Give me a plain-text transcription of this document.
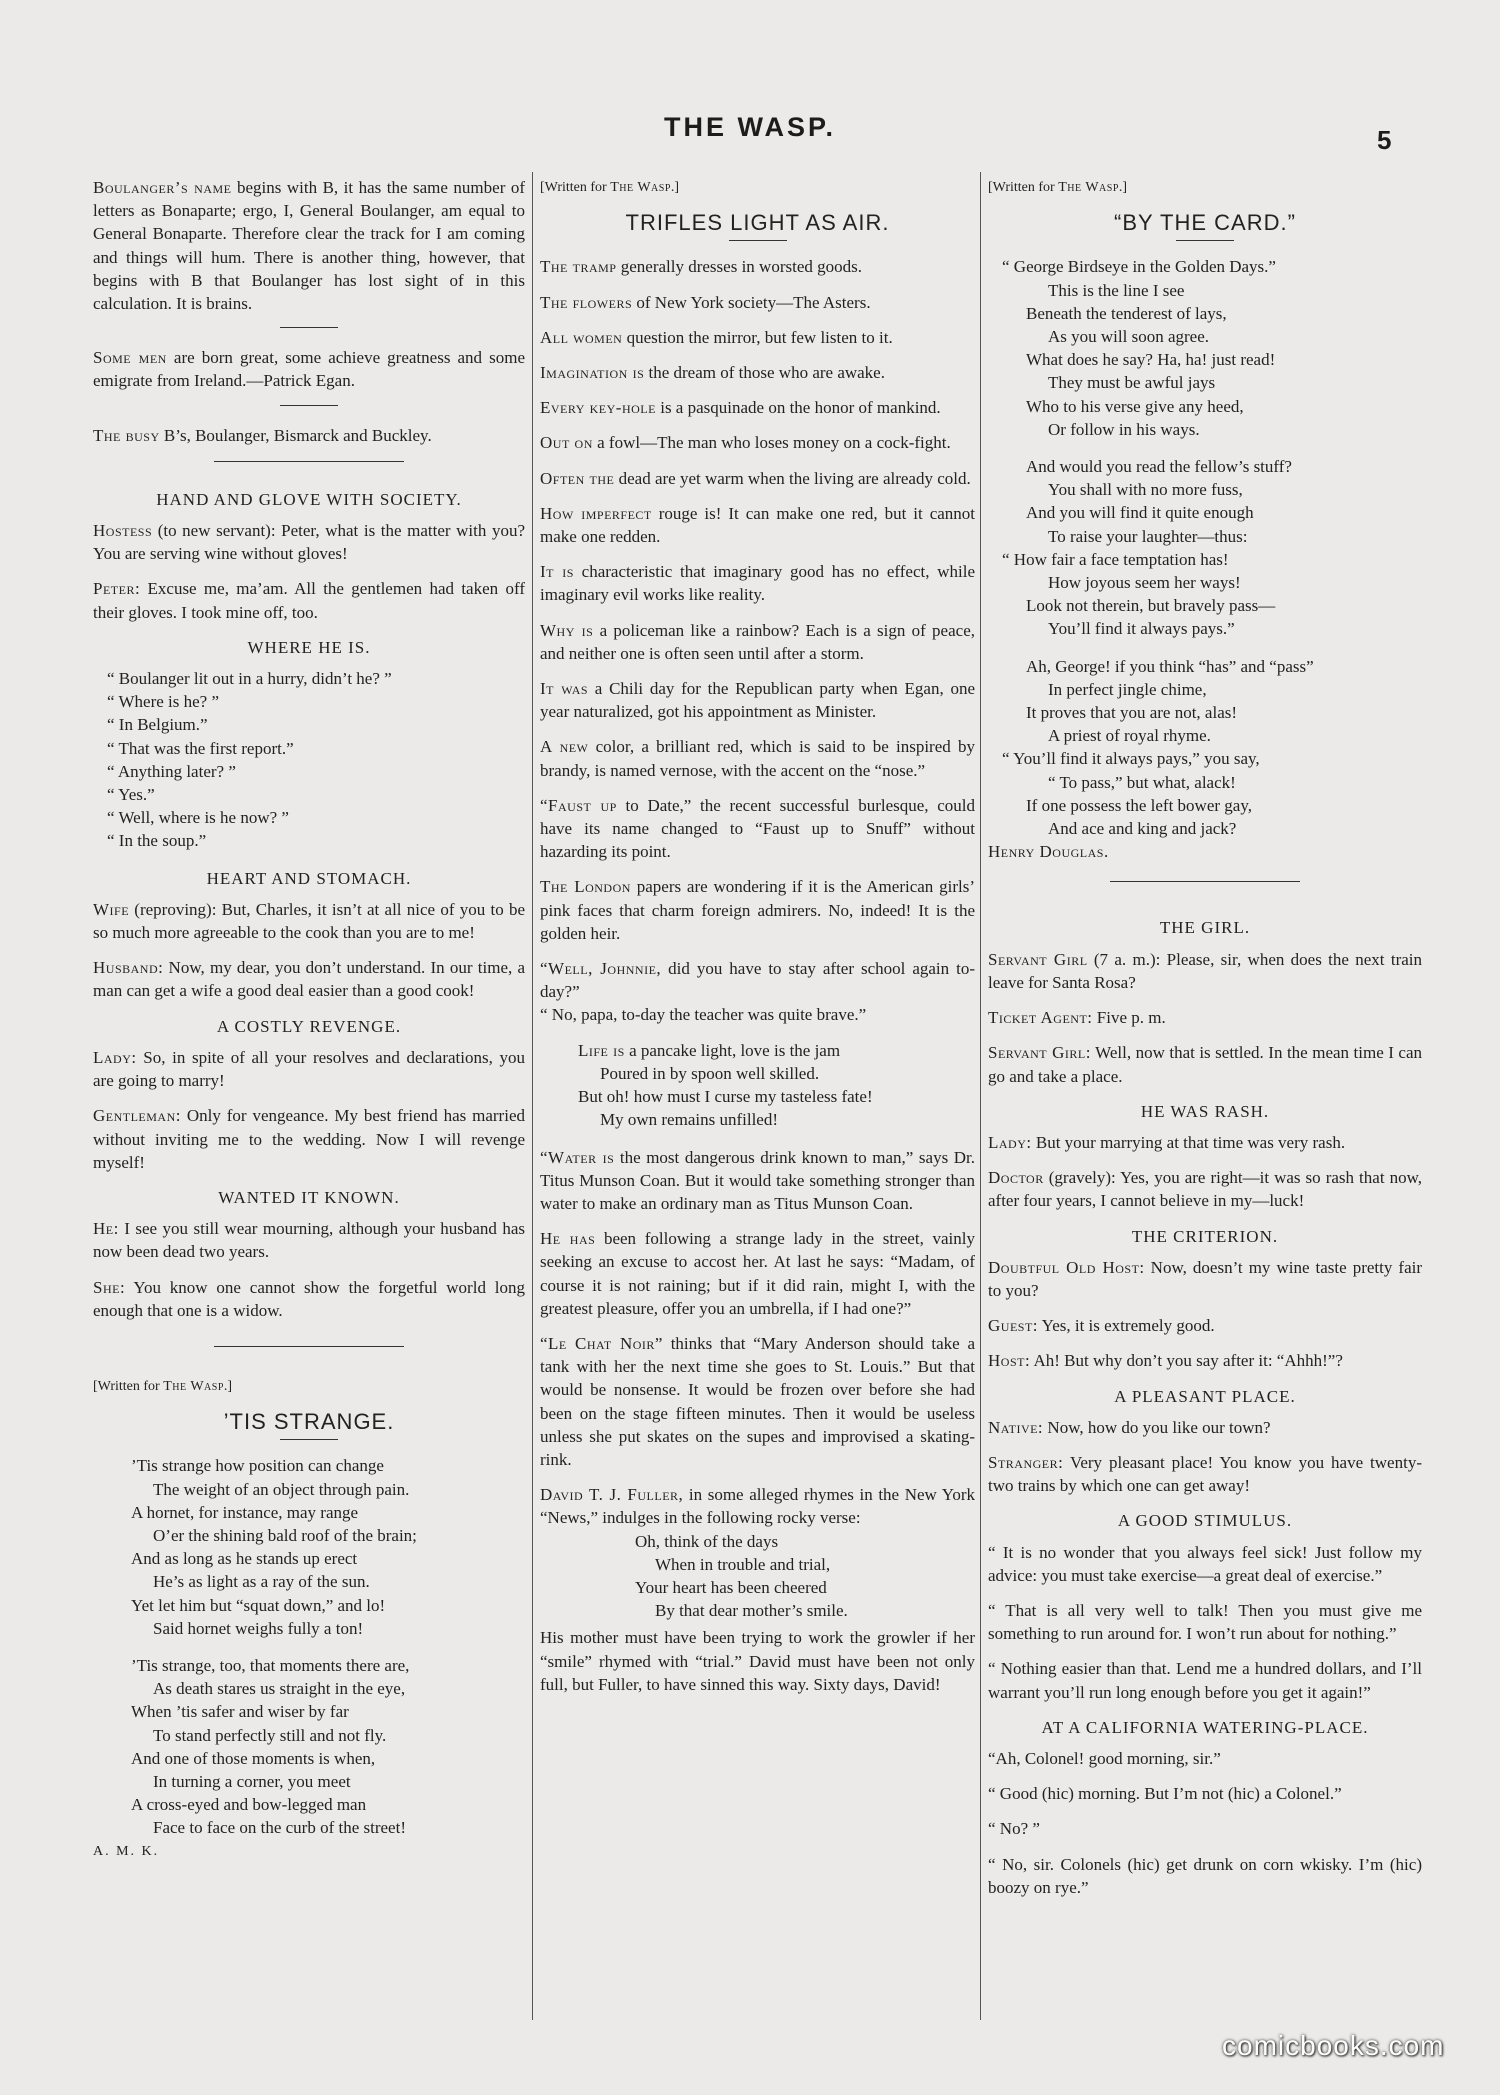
THE WASP.	5

Boulanger’s name begins with B, it has the same number of letters as Bonaparte; ergo, I, General Boulanger, am equal to General Bonaparte. Therefore clear the track for I am coming and things will hum. There is another thing, however, that begins with B that Boulanger has lost sight of in this calculation. It is brains.

Some men are born great, some achieve greatness and some emigrate from Ireland.—Patrick Egan.

The busy B’s, Boulanger, Bismarck and Buckley.

HAND AND GLOVE WITH SOCIETY.

Hostess (to new servant): Peter, what is the matter with you? You are serving wine without gloves!

Peter: Excuse me, ma’am. All the gentlemen had taken off their gloves. I took mine off, too.

WHERE HE IS.

“ Boulanger lit out in a hurry, didn’t he? ”

“ Where is he? ”

“ In Belgium.”

“ That was the first report.”

“ Anything later? ”

“ Yes.”

“ Well, where is he now? ”

“ In the soup.”

HEART AND STOMACH.

Wife (reproving): But, Charles, it isn’t at all nice of you to be so much more agreeable to the cook than you are to me!

Husband: Now, my dear, you don’t understand. In our time, a man can get a wife a good deal easier than a good cook!

A COSTLY REVENGE.

Lady: So, in spite of all your resolves and declarations, you are going to marry!

Gentleman: Only for vengeance. My best friend has married without inviting me to the wedding. Now I will revenge myself!

WANTED IT KNOWN.

He: I see you still wear mourning, although your husband has now been dead two years.

She: You know one cannot show the forgetful world long enough that one is a widow.

[Written for The Wasp.]

’TIS STRANGE.

’Tis strange how position can change

The weight of an object through pain.

A hornet, for instance, may range

O’er the shining bald roof of the brain;

And as long as he stands up erect

He’s as light as a ray of the sun.

Yet let him but “squat down,” and lo!

Said hornet weighs fully a ton!

’Tis strange, too, that moments there are,

As death stares us straight in the eye,

When ’tis safer and wiser by far

To stand perfectly still and not fly.

And one of those moments is when,

In turning a corner, you meet

A cross-eyed and bow-legged man

Face to face on the curb of the street!

A. M. K.

[Written for The Wasp.]

TRIFLES LIGHT AS AIR.

The tramp generally dresses in worsted goods.

The flowers of New York society—The Asters.

All women question the mirror, but few listen to it.

Imagination is the dream of those who are awake.

Every key-hole is a pasquinade on the honor of mankind.

Out on a fowl—The man who loses money on a cock-fight.

Often the dead are yet warm when the living are already cold.

How imperfect rouge is! It can make one red, but it cannot make one redden.

It is characteristic that imaginary good has no effect, while imaginary evil works like reality.

Why is a policeman like a rainbow? Each is a sign of peace, and neither one is often seen until after a storm.

It was a Chili day for the Republican party when Egan, one year naturalized, got his appointment as Minister.

A new color, a brilliant red, which is said to be inspired by brandy, is named vernose, with the accent on the “nose.”

“Faust up to Date,” the recent successful burlesque, could have its name changed to “Faust up to Snuff” without hazarding its point.

The London papers are wondering if it is the American girls’ pink faces that charm foreign admirers. No, indeed! It is the golden heir.

“Well, Johnnie, did you have to stay after school again to-day?”

“ No, papa, to-day the teacher was quite brave.”

Life is a pancake light, love is the jam

Poured in by spoon well skilled.

But oh! how must I curse my tasteless fate!

My own remains unfilled!

“Water is the most dangerous drink known to man,” says Dr. Titus Munson Coan. But it would take something stronger than water to make an ordinary man as Titus Munson Coan.

He has been following a strange lady in the street, vainly seeking an excuse to accost her. At last he says: “Madam, of course it is not raining; but if it did rain, might I, with the greatest pleasure, offer you an umbrella, if I had one?”

“Le Chat Noir” thinks that “Mary Anderson should take a tank with her the next time she goes to St. Louis.” But that would be nonsense. It would be frozen over before she had been on the stage fifteen minutes. Then it would be useless unless she put skates on the supes and improvised a skating-rink.

David T. J. Fuller, in some alleged rhymes in the New York “News,” indulges in the following rocky verse:

Oh, think of the days

When in trouble and trial,

Your heart has been cheered

By that dear mother’s smile.

His mother must have been trying to work the growler if her “smile” rhymed with “trial.” David must have been not only full, but Fuller, to have sinned this way. Sixty days, David!

[Written for The Wasp.]

“BY THE CARD.”

“ George Birdseye in the Golden Days.”

This is the line I see

Beneath the tenderest of lays,

As you will soon agree.

What does he say? Ha, ha! just read!

They must be awful jays

Who to his verse give any heed,

Or follow in his ways.

And would you read the fellow’s stuff?

You shall with no more fuss,

And you will find it quite enough

To raise your laughter—thus:

“ How fair a face temptation has!

How joyous seem her ways!

Look not therein, but bravely pass—

You’ll find it always pays.”

Ah, George! if you think “has” and “pass”

In perfect jingle chime,

It proves that you are not, alas!

A priest of royal rhyme.

“ You’ll find it always pays,” you say,

“ To pass,” but what, alack!

If one possess the left bower gay,

And ace and king and jack?

Henry Douglas.

THE GIRL.

Servant Girl (7 a. m.): Please, sir, when does the next train leave for Santa Rosa?

Ticket Agent: Five p. m.

Servant Girl: Well, now that is settled. In the mean time I can go and take a place.

HE WAS RASH.

Lady: But your marrying at that time was very rash.

Doctor (gravely): Yes, you are right—it was so rash that now, after four years, I cannot believe in my—luck!

THE CRITERION.

Doubtful Old Host: Now, doesn’t my wine taste pretty fair to you?

Guest: Yes, it is extremely good.

Host: Ah! But why don’t you say after it: “Ahhh!”?

A PLEASANT PLACE.

Native: Now, how do you like our town?

Stranger: Very pleasant place! You know you have twenty-two trains by which one can get away!

A GOOD STIMULUS.

“ It is no wonder that you always feel sick! Just follow my advice: you must take exercise—a great deal of exercise.”

“ That is all very well to talk! Then you must give me something to run around for. I won’t run about for nothing.”

“ Nothing easier than that. Lend me a hundred dollars, and I’ll warrant you’ll run long enough before you get it again!”

AT A CALIFORNIA WATERING-PLACE.

“Ah, Colonel! good morning, sir.”

“ Good (hic) morning. But I’m not (hic) a Colonel.”

“ No? ”

“ No, sir. Colonels (hic) get drunk on corn wkisky. I’m (hic) boozy on rye.”

comicbooks.com
